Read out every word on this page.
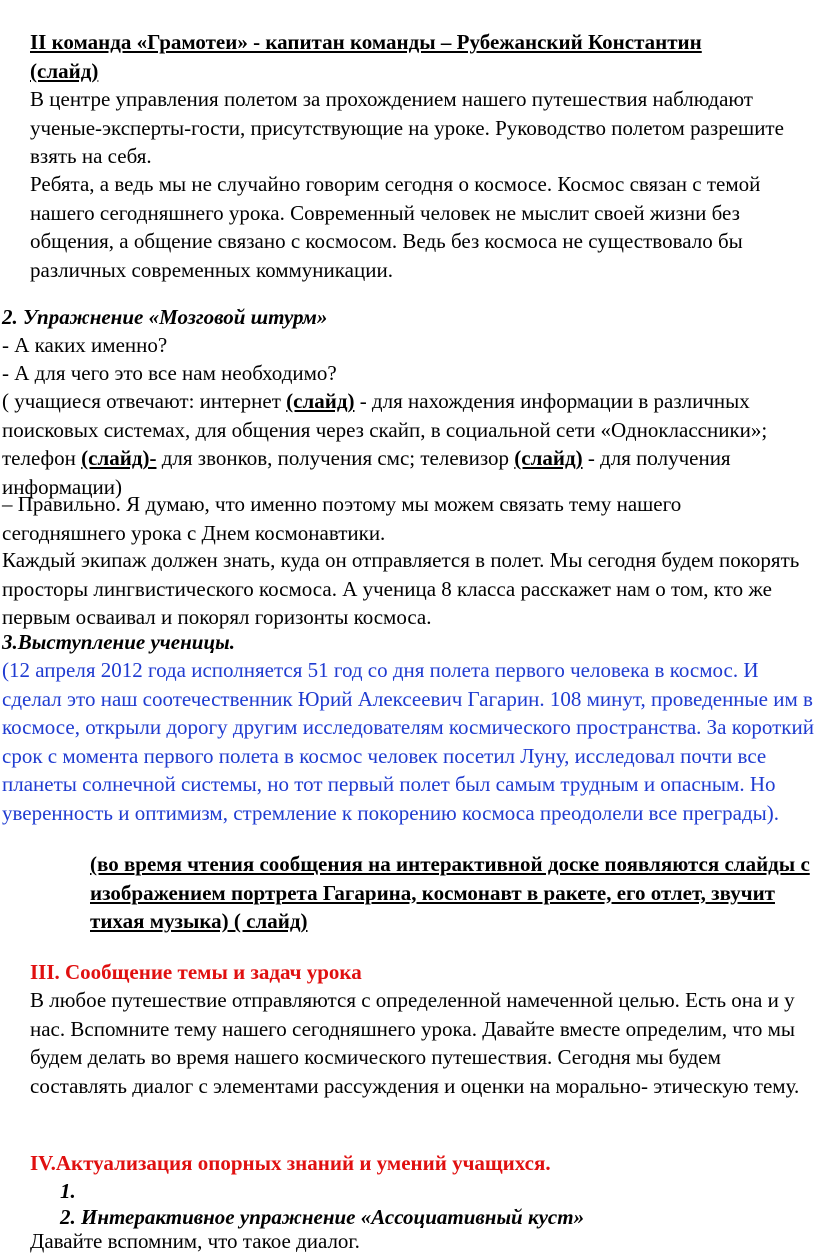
II команда «Грамотеи» - капитан команды – Рубежанский Константин
(слайд)

В центре управления полетом за прохождением нашего путешествия наблюдают ученые-эксперты-гости, присутствующие на уроке. Руководство полетом разрешите взять на себя.

Ребята, а ведь мы не случайно говорим сегодня о космосе. Космос связан с темой нашего сегодняшнего урока. Современный человек не мыслит своей жизни без общения, а общение связано с космосом. Ведь без космоса не существовало бы различных современных коммуникации.

2. Упражнение «Мозговой штурм»

- А каких именно?

- А для чего это все нам необходимо?

( учащиеся отвечают: интернет (слайд) - для нахождения информации в различных поисковых системах, для общения через скайп, в социальной сети «Одноклассники»; телефон (слайд)- для звонков, получения смс; телевизор (слайд) - для получения информации)

– Правильно. Я думаю, что именно поэтому мы можем связать тему нашего сегодняшнего урока с Днем космонавтики.

Каждый экипаж должен знать, куда он отправляется в полет. Мы сегодня будем покорять просторы лингвистического космоса. А ученица 8 класса расскажет нам о том, кто же первым осваивал и покорял горизонты космоса.

3.Выступление ученицы.

(12 апреля 2012 года исполняется 51 год со дня полета первого человека в космос. И сделал это наш соотечественник Юрий Алексеевич Гагарин. 108 минут, проведенные им в космосе, открыли дорогу другим исследователям космического пространства. За короткий срок с момента первого полета в космос человек посетил Луну, исследовал почти все планеты солнечной системы, но тот первый полет был самым трудным и опасным. Но уверенность и оптимизм, стремление к покорению космоса преодолели все преграды).

(во время чтения сообщения на интерактивной доске появляются слайды с изображением портрета Гагарина, космонавт в ракете, его отлет, звучит тихая музыка) ( слайд)

III. Сообщение темы и задач урока

В любое путешествие отправляются с определенной намеченной целью. Есть она и у нас. Вспомните тему нашего сегодняшнего урока. Давайте вместе определим, что мы будем делать во время нашего космического путешествия. Сегодня мы будем составлять диалог с элементами рассуждения и оценки на морально- этическую тему.

IV.Актуализация опорных знаний и умений учащихся.

1.

2. Интерактивное упражнение «Ассоциативный куст»

Давайте вспомним, что такое диалог.
